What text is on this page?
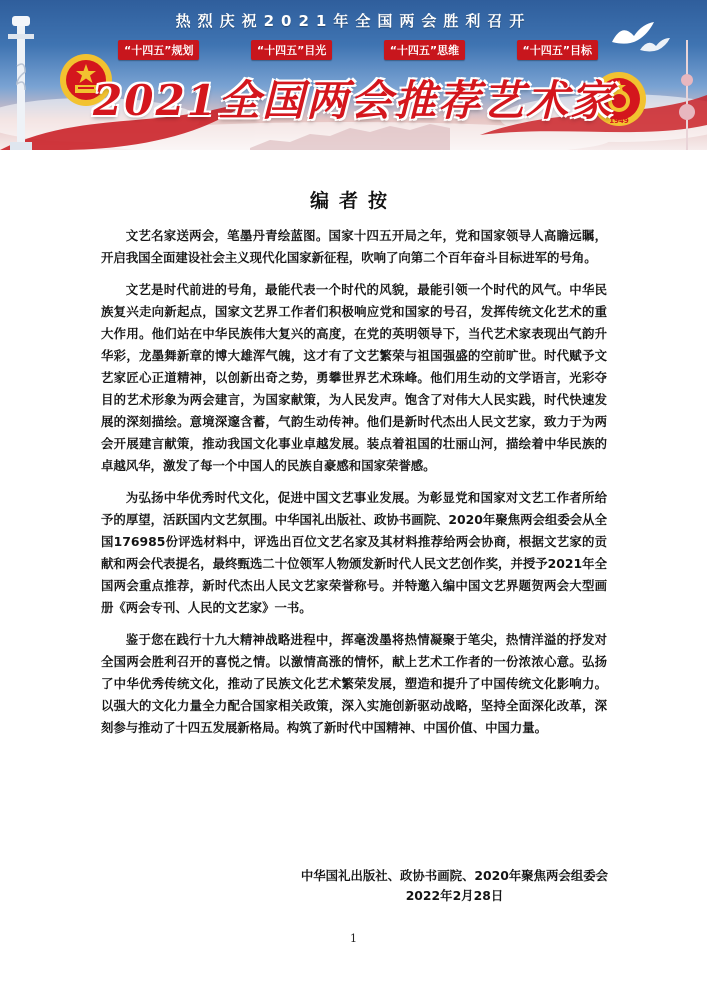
1949
热烈庆祝2021年全国两会胜利召开
“十四五”规划	“十四五”目光	“十四五”思维	“十四五”目标
2021全国两会推荐艺术家
编者按

文艺名家送两会，笔墨丹青绘蓝图。国家十四五开局之年，党和国家领导人高瞻远瞩，开启我国全面建设社会主义现代化国家新征程，吹响了向第二个百年奋斗目标进军的号角。

文艺是时代前进的号角，最能代表一个时代的风貌，最能引领一个时代的风气。中华民族复兴走向新起点，国家文艺界工作者们积极响应党和国家的号召，发挥传统文化艺术的重大作用。他们站在中华民族伟大复兴的高度，在党的英明领导下，当代艺术家表现出气韵升华彩，龙墨舞新章的博大雄浑气魄，这才有了文艺繁荣与祖国强盛的空前旷世。时代赋予文艺家匠心正道精神，以创新出奇之势，勇攀世界艺术珠峰。他们用生动的文学语言，光彩夺目的艺术形象为两会建言，为国家献策，为人民发声。饱含了对伟大人民实践，时代快速发展的深刻描绘。意境深邃含蓄，气韵生动传神。他们是新时代杰出人民文艺家，致力于为两会开展建言献策，推动我国文化事业卓越发展。装点着祖国的壮丽山河，描绘着中华民族的卓越风华，激发了每一个中国人的民族自豪感和国家荣誉感。

为弘扬中华优秀时代文化，促进中国文艺事业发展。为彰显党和国家对文艺工作者所给予的厚望，活跃国内文艺氛围。中华国礼出版社、政协书画院、2020年聚焦两会组委会从全国176985份评选材料中，评选出百位文艺名家及其材料推荐给两会协商，根据文艺家的贡献和两会代表提名，最终甄选二十位领军人物颁发新时代人民文艺创作奖，并授予2021年全国两会重点推荐，新时代杰出人民文艺家荣誉称号。并特邀入编中国文艺界题贺两会大型画册《两会专刊、人民的文艺家》一书。

鉴于您在践行十九大精神战略进程中，挥毫泼墨将热情凝聚于笔尖，热情洋溢的抒发对全国两会胜利召开的喜悦之情。以激情高涨的情怀，献上艺术工作者的一份浓浓心意。弘扬了中华优秀传统文化，推动了民族文化艺术繁荣发展，塑造和提升了中国传统文化影响力。以强大的文化力量全力配合国家相关政策，深入实施创新驱动战略，坚持全面深化改革，深刻参与推动了十四五发展新格局。构筑了新时代中国精神、中国价值、中国力量。

中华国礼出版社、政协书画院、2020年聚焦两会组委会
2022年2月28日
1
